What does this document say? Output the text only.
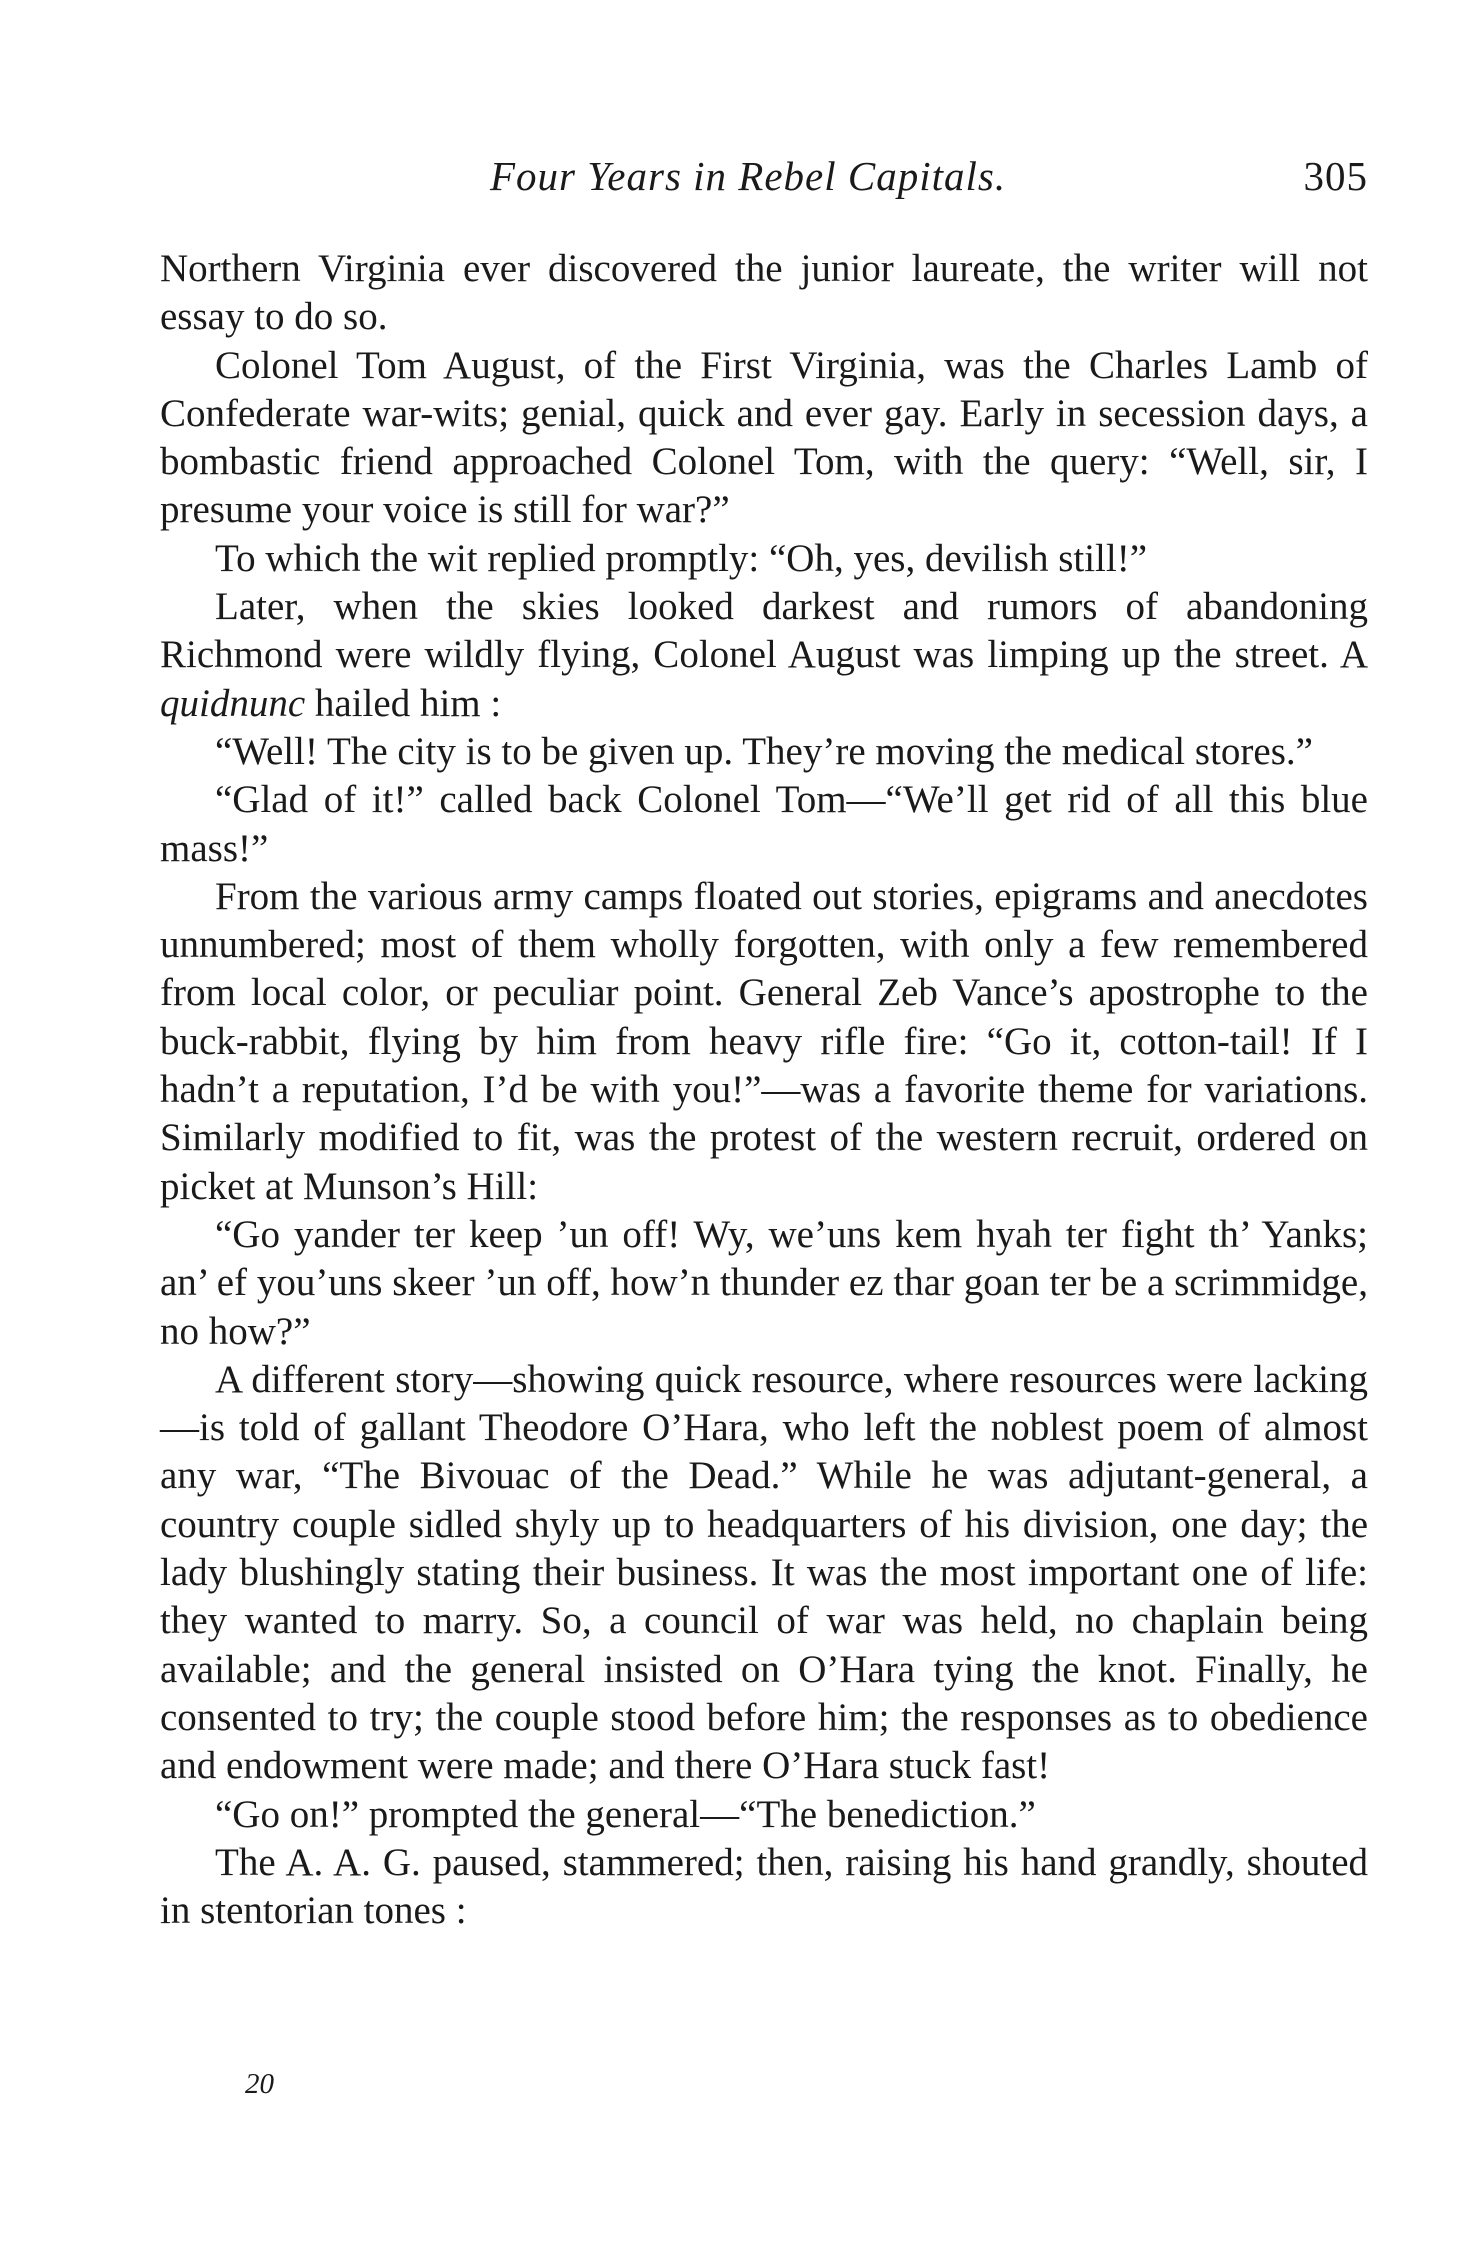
Four Years in Rebel Capitals.	305

Northern Virginia ever discovered the junior laureate, the writer will not essay to do so.

Colonel Tom August, of the First Virginia, was the Charles Lamb of Confederate war-wits; genial, quick and ever gay. Early in secession days, a bombastic friend approached Colonel Tom, with the query: “Well, sir, I presume your voice is still for war?”

To which the wit replied promptly: “Oh, yes, devilish still!”

Later, when the skies looked darkest and rumors of abandoning Richmond were wildly flying, Colonel August was limping up the street. A quidnunc hailed him :

“Well! The city is to be given up. They’re moving the medical stores.”

“Glad of it!” called back Colonel Tom—“We’ll get rid of all this blue mass!”

From the various army camps floated out stories, epigrams and anecdotes unnumbered; most of them wholly forgotten, with only a few remembered from local color, or peculiar point. General Zeb Vance’s apostrophe to the buck-rabbit, flying by him from heavy rifle fire: “Go it, cotton-tail! If I hadn’t a reputation, I’d be with you!”—was a favorite theme for variations. Similarly modified to fit, was the protest of the western recruit, ordered on picket at Munson’s Hill:

“Go yander ter keep ’un off! Wy, we’uns kem hyah ter fight th’ Yanks; an’ ef you’uns skeer ’un off, how’n thunder ez thar goan ter be a scrimmidge, no how?”

A different story—showing quick resource, where resources were lacking—is told of gallant Theodore O’Hara, who left the noblest poem of almost any war, “The Bivouac of the Dead.” While he was adjutant-general, a country couple sidled shyly up to headquarters of his division, one day; the lady blushingly stating their business. It was the most important one of life: they wanted to marry. So, a council of war was held, no chaplain being available; and the general insisted on O’Hara tying the knot. Finally, he consented to try; the couple stood before him; the responses as to obedience and endowment were made; and there O’Hara stuck fast!

“Go on!” prompted the general—“The benediction.”

The A. A. G. paused, stammered; then, raising his hand grandly, shouted in stentorian tones :

20
